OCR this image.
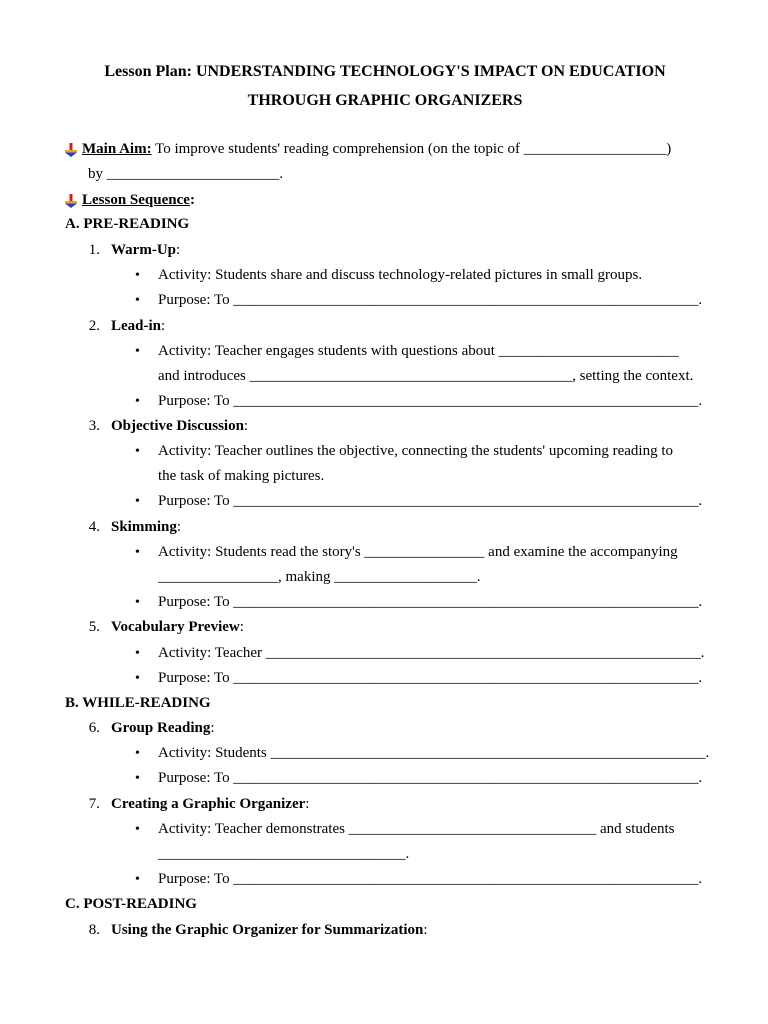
Lesson Plan: UNDERSTANDING TECHNOLOGY'S IMPACT ON EDUCATION
THROUGH GRAPHIC ORGANIZERS
Main Aim: To improve students' reading comprehension (on the topic of ___________________)
by _______________________.
Lesson Sequence:
A. PRE-READING
1. Warm-Up:
• Activity: Students share and discuss technology-related pictures in small groups.
• Purpose: To ______________________________________________________________.
2. Lead-in:
• Activity: Teacher engages students with questions about ________________________
and introduces ___________________________________________, setting the context.
• Purpose: To ______________________________________________________________.
3. Objective Discussion:
• Activity: Teacher outlines the objective, connecting the students' upcoming reading to
the task of making pictures.
• Purpose: To ______________________________________________________________.
4. Skimming:
• Activity: Students read the story's ________________ and examine the accompanying
________________, making ___________________.
• Purpose: To ______________________________________________________________.
5. Vocabulary Preview:
• Activity: Teacher __________________________________________________________.
• Purpose: To ______________________________________________________________.
B. WHILE-READING
6. Group Reading:
• Activity: Students __________________________________________________________.
• Purpose: To ______________________________________________________________.
7. Creating a Graphic Organizer:
• Activity: Teacher demonstrates _________________________________ and students
_________________________________.
• Purpose: To ______________________________________________________________.
C. POST-READING
8. Using the Graphic Organizer for Summarization:
